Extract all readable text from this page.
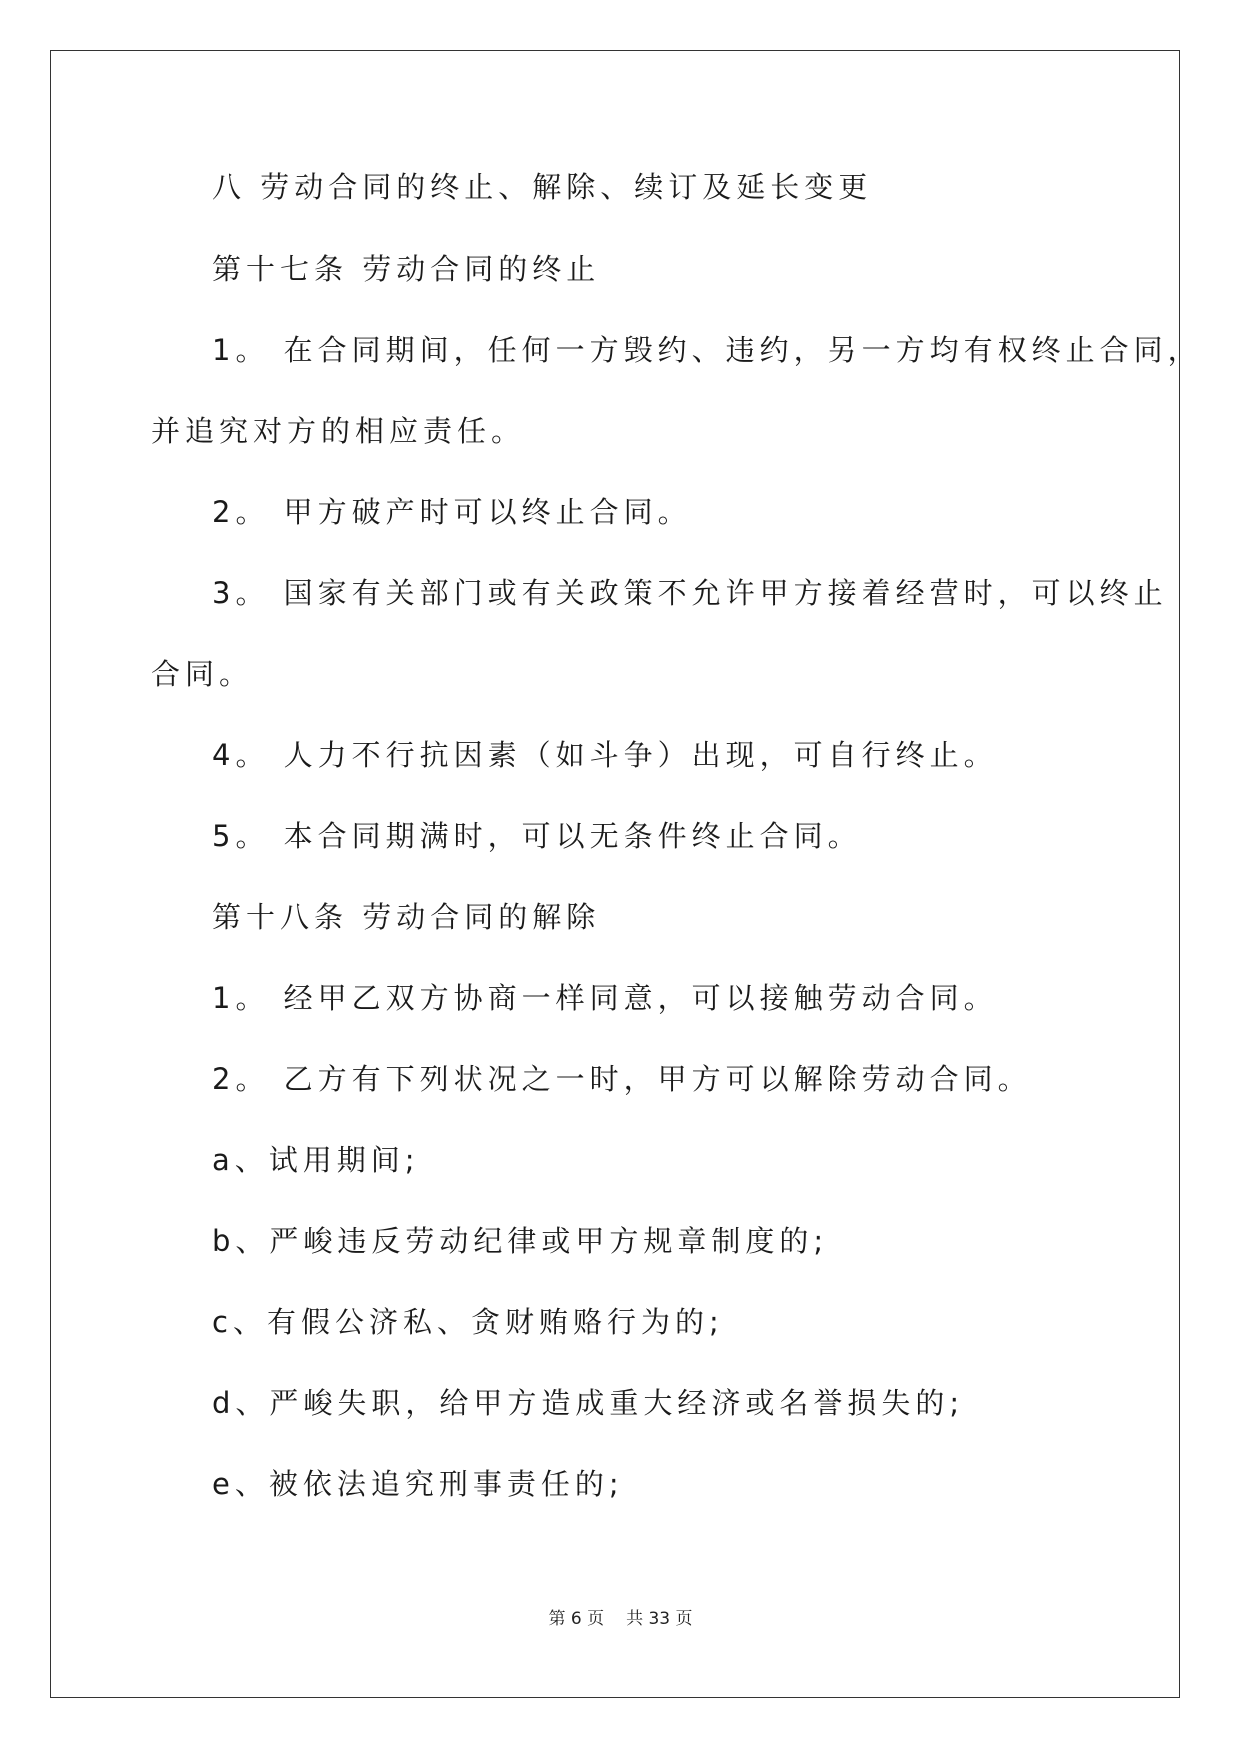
八 劳动合同的终止、解除、续订及延长变更

第十七条 劳动合同的终止

1。 在合同期间，任何一方毁约、违约，另一方均有权终止合同，

并追究对方的相应责任。

2。 甲方破产时可以终止合同。

3。 国家有关部门或有关政策不允许甲方接着经营时，可以终止

合同。

4。 人力不行抗因素（如斗争）出现，可自行终止。

5。 本合同期满时，可以无条件终止合同。

第十八条 劳动合同的解除

1。 经甲乙双方协商一样同意，可以接触劳动合同。

2。 乙方有下列状况之一时，甲方可以解除劳动合同。

a、试用期间;

b、严峻违反劳动纪律或甲方规章制度的;

c、有假公济私、贪财贿赂行为的;

d、严峻失职，给甲方造成重大经济或名誉损失的;

e、被依法追究刑事责任的;

第 6 页 共 33 页
